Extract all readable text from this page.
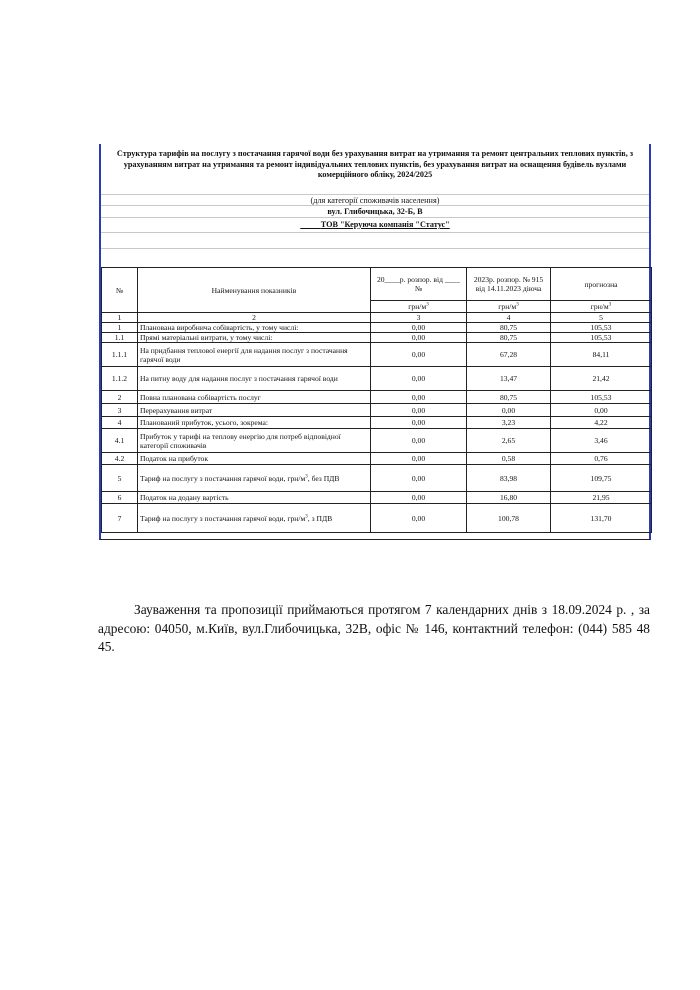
Структура тарифів на послугу з постачання гарячої води без урахування витрат на утримання та ремонт центральних теплових пунктів, з урахуванням витрат на утримання та ремонт індивідуальних теплових пунктів, без урахування витрат на оснащення будівель вузлами комерційного обліку, 2024/2025
(для категорії споживачів населення)
вул. Глибочицька, 32-Б, В
   ТОВ "Керуюча компанія "Статус"
№	Найменування показників	20____р. розпор. від ____ №	2023р. розпор. № 915 від 14.11.2023 діюча	прогнозна
		грн/$м^3$	грн/$м^3$	грн/$м^3$
1	2	3	4	5
1	Планована виробнича собівартість, у тому числі:	0,00	80,75	105,53
1.1	Прямі матеріальні витрати, у тому числі:	0,00	80,75	105,53
1.1.1	На придбання теплової енергії для надання послуг з постачання гарячої води	0,00	67,28	84,11
1.1.2	На питну воду для надання послуг з постачання гарячої води	0,00	13,47	21,42
2	Повна планована собівартість послуг	0,00	80,75	105,53
3	Перерахування витрат	0,00	0,00	0,00
4	Планований прибуток, усього, зокрема:	0,00	3,23	4,22
4.1	Прибуток у тарифі на теплову енергію для потреб відповідної категорії споживачів	0,00	2,65	3,46
4.2	Податок на прибуток	0,00	0,58	0,76
5	Тариф на послугу з постачання гарячої води, грн/$м^3$, без ПДВ	0,00	83,98	109,75
6	Податок на додану вартість	0,00	16,80	21,95
7	Тариф на послугу з постачання гарячої води, грн/$м^3$, з ПДВ	0,00	100,78	131,70

Зауваження та пропозиції приймаються протягом 7 календарних днів з 18.09.2024 р. , за адресою: 04050, м.Київ, вул.Глибочицька, 32В, офіс № 146, контактний телефон: (044) 585 48 45.
